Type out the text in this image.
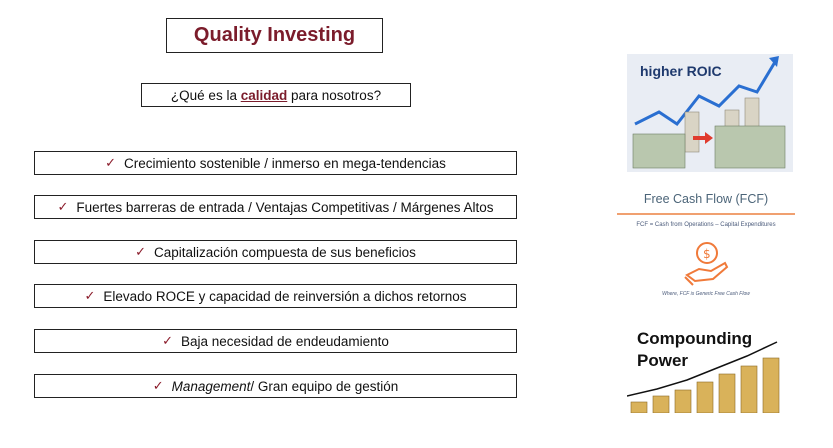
Quality Investing
¿Qué es la
calidad
para nosotros?
✓ Crecimiento sostenible / inmerso en mega-tendencias
✓ Fuertes barreras de entrada / Ventajas Competitivas / Márgenes Altos
✓ Capitalización compuesta de sus beneficios
✓ Elevado ROCE y capacidad de reinversión a dichos retornos
✓ Baja necesidad de endeudamiento
✓ Management / Gran equipo de gestión
higher ROIC
Free Cash Flow (FCF)
FCF = Cash from Operations – Capital Expenditures
$
Where, FCF is Generic Free Cash Flow
Compounding
Power
